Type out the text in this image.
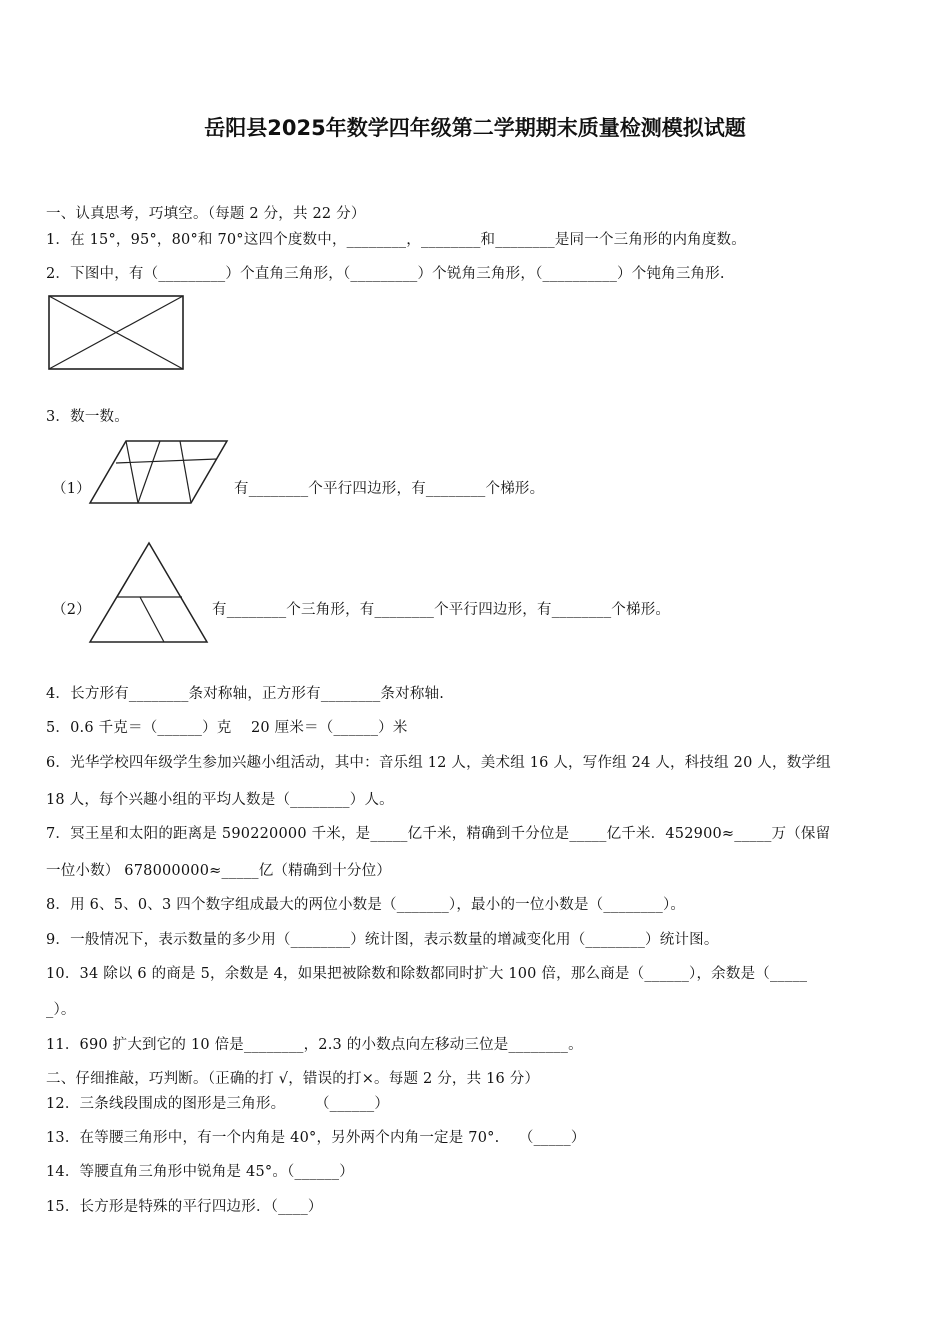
岳阳县2025年数学四年级第二学期期末质量检测模拟试题
一、认真思考，巧填空。（每题 2 分，共 22 分）
1．在 15°，95°，80°和 70°这四个度数中，________，________和________是同一个三角形的内角度数。
2．下图中，有（_________）个直角三角形，（_________）个锐角三角形，（__________）个钝角三角形.
3．数一数。
（1）	有________个平行四边形，有________个梯形。
（2）	有________个三角形，有________个平行四边形，有________个梯形。
4．长方形有________条对称轴，正方形有________条对称轴.
5．0.6 千克＝（______）克　 20 厘米＝（______）米
6．光华学校四年级学生参加兴趣小组活动，其中：音乐组 12 人，美术组 16 人，写作组 24 人，科技组 20 人，数学组
18 人，每个兴趣小组的平均人数是（________）人。
7．冥王星和太阳的距离是 590220000 千米，是_____亿千米，精确到千分位是_____亿千米．452900≈_____万（保留
一位小数） 678000000≈_____亿（精确到十分位）
8．用 6、5、0、3 四个数字组成最大的两位小数是（_______），最小的一位小数是（________）。
9．一般情况下，表示数量的多少用（________）统计图，表示数量的增减变化用（________）统计图。
10．34 除以 6 的商是 5，余数是 4，如果把被除数和除数都同时扩大 100 倍，那么商是（______），余数是（_____
_）。
11．690 扩大到它的 10 倍是________，2.3 的小数点向左移动三位是________。
二、仔细推敲，巧判断。（正确的打 √，错误的打×。每题 2 分，共 16 分）
12．三条线段围成的图形是三角形。　　　（______）
13．在等腰三角形中，有一个内角是 40°，另外两个内角一定是 70°.　 （_____）
14．等腰直角三角形中锐角是 45°。（______）
15．长方形是特殊的平行四边形．（____）
